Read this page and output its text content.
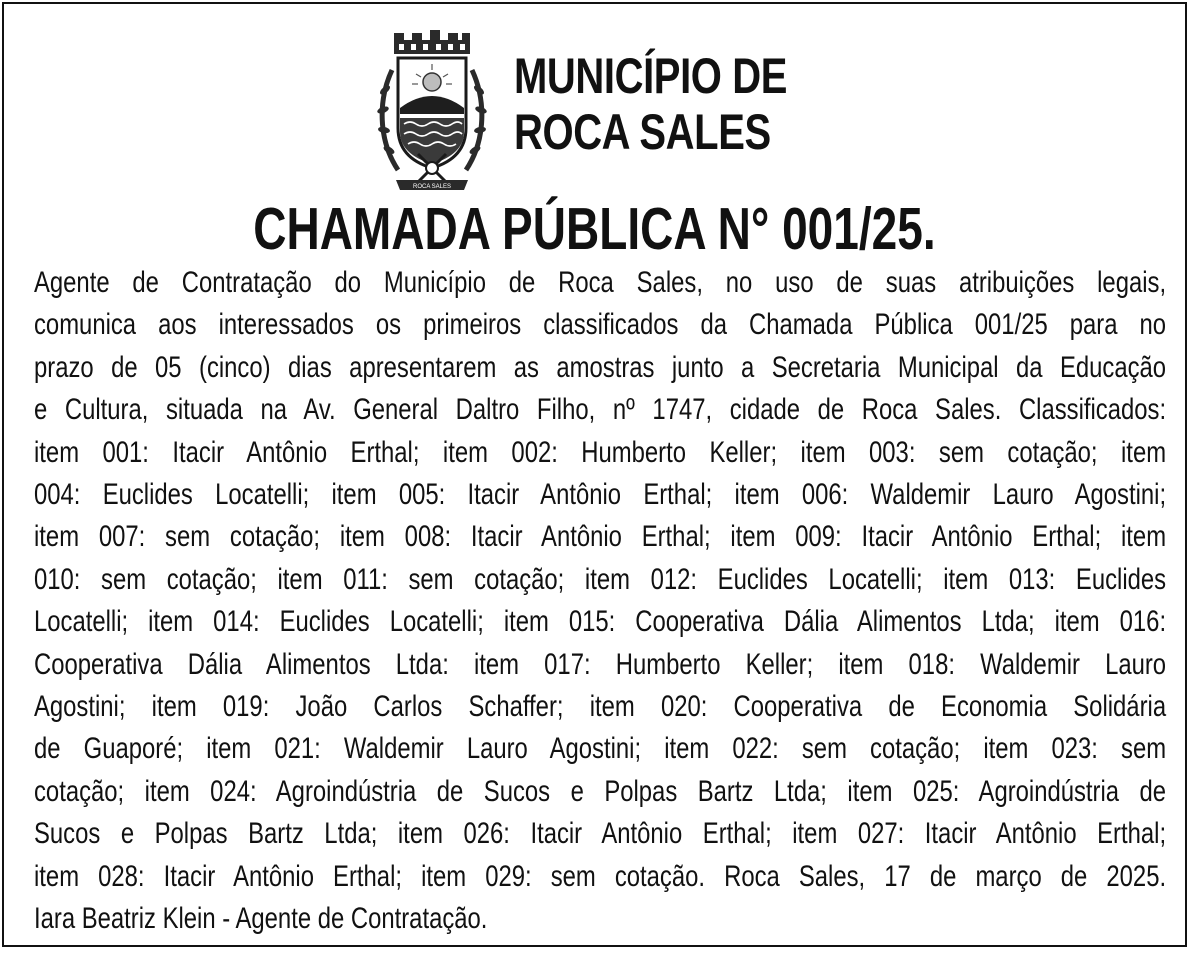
ROCA SALES
MUNICÍPIO DE
ROCA SALES
CHAMADA PÚBLICA N° 001/25.
Agente de Contratação do Município de Roca Sales, no uso de suas atribuições legais,
comunica aos interessados os primeiros classificados da Chamada Pública 001/25 para no
prazo de 05 (cinco) dias apresentarem as amostras junto a Secretaria Municipal da Educação
e Cultura, situada na Av. General Daltro Filho, nº 1747, cidade de Roca Sales. Classificados:
item 001: Itacir Antônio Erthal; item 002: Humberto Keller; item 003: sem cotação; item
004: Euclides Locatelli; item 005: Itacir Antônio Erthal; item 006: Waldemir Lauro Agostini;
item 007: sem cotação; item 008: Itacir Antônio Erthal; item 009: Itacir Antônio Erthal; item
010: sem cotação; item 011: sem cotação; item 012: Euclides Locatelli; item 013: Euclides
Locatelli; item 014: Euclides Locatelli; item 015: Cooperativa Dália Alimentos Ltda; item 016:
Cooperativa Dália Alimentos Ltda: item 017: Humberto Keller; item 018: Waldemir Lauro
Agostini; item 019: João Carlos Schaffer; item 020: Cooperativa de Economia Solidária
de Guaporé; item 021: Waldemir Lauro Agostini; item 022: sem cotação; item 023: sem
cotação; item 024: Agroindústria de Sucos e Polpas Bartz Ltda; item 025: Agroindústria de
Sucos e Polpas Bartz Ltda; item 026: Itacir Antônio Erthal; item 027: Itacir Antônio Erthal;
item 028: Itacir Antônio Erthal; item 029: sem cotação. Roca Sales, 17 de março de 2025.
Iara Beatriz Klein - Agente de Contratação.
